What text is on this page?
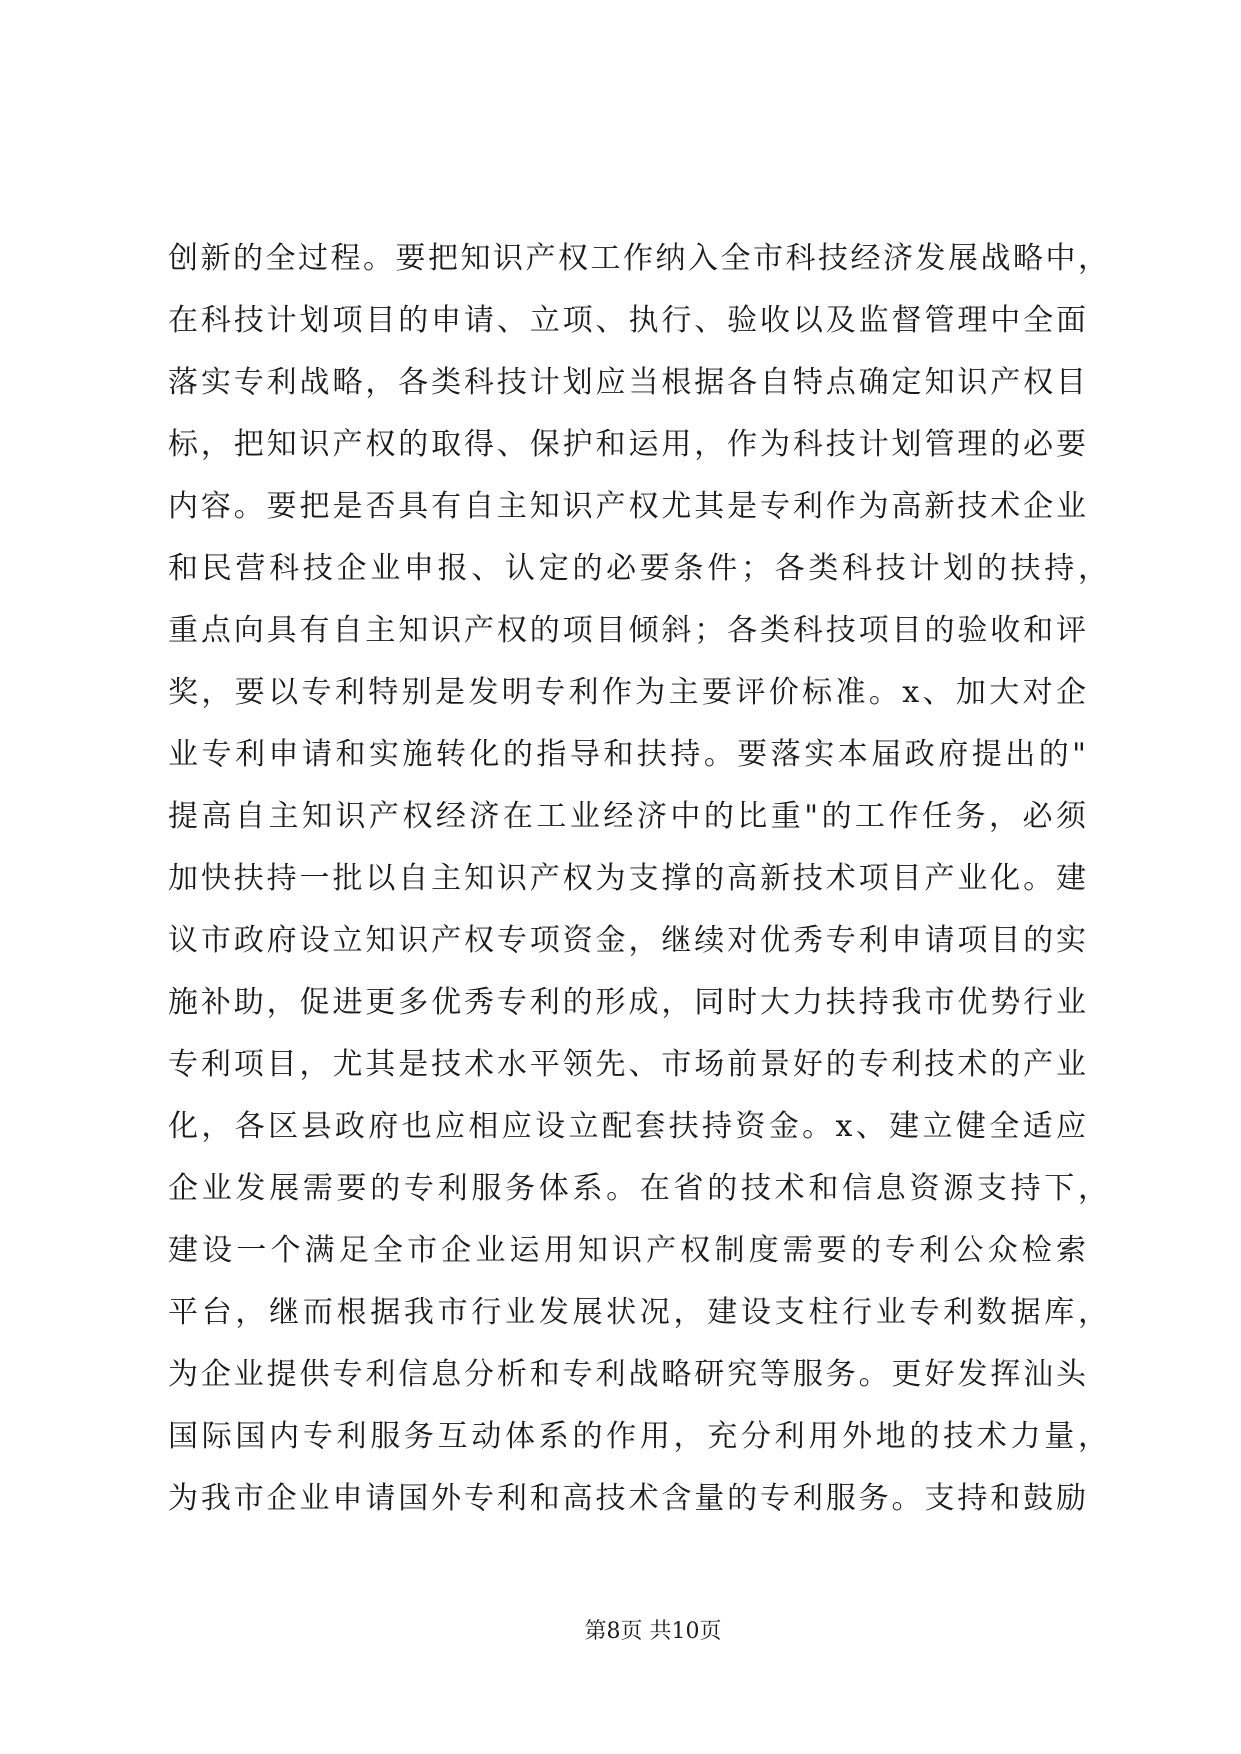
创新的全过程。要把知识产权工作纳入全市科技经济发展战略中，
在科技计划项目的申请、立项、执行、验收以及监督管理中全面
落实专利战略，各类科技计划应当根据各自特点确定知识产权目
标，把知识产权的取得、保护和运用，作为科技计划管理的必要
内容。要把是否具有自主知识产权尤其是专利作为高新技术企业
和民营科技企业申报、认定的必要条件；各类科技计划的扶持，
重点向具有自主知识产权的项目倾斜；各类科技项目的验收和评
奖，要以专利特别是发明专利作为主要评价标准。x、加大对企
业专利申请和实施转化的指导和扶持。要落实本届政府提出的"
提高自主知识产权经济在工业经济中的比重"的工作任务，必须
加快扶持一批以自主知识产权为支撑的高新技术项目产业化。建
议市政府设立知识产权专项资金，继续对优秀专利申请项目的实
施补助，促进更多优秀专利的形成，同时大力扶持我市优势行业
专利项目，尤其是技术水平领先、市场前景好的专利技术的产业
化，各区县政府也应相应设立配套扶持资金。x、建立健全适应
企业发展需要的专利服务体系。在省的技术和信息资源支持下，
建设一个满足全市企业运用知识产权制度需要的专利公众检索
平台，继而根据我市行业发展状况，建设支柱行业专利数据库，
为企业提供专利信息分析和专利战略研究等服务。更好发挥汕头
国际国内专利服务互动体系的作用，充分利用外地的技术力量，
为我市企业申请国外专利和高技术含量的专利服务。支持和鼓励
第8页 共10页
